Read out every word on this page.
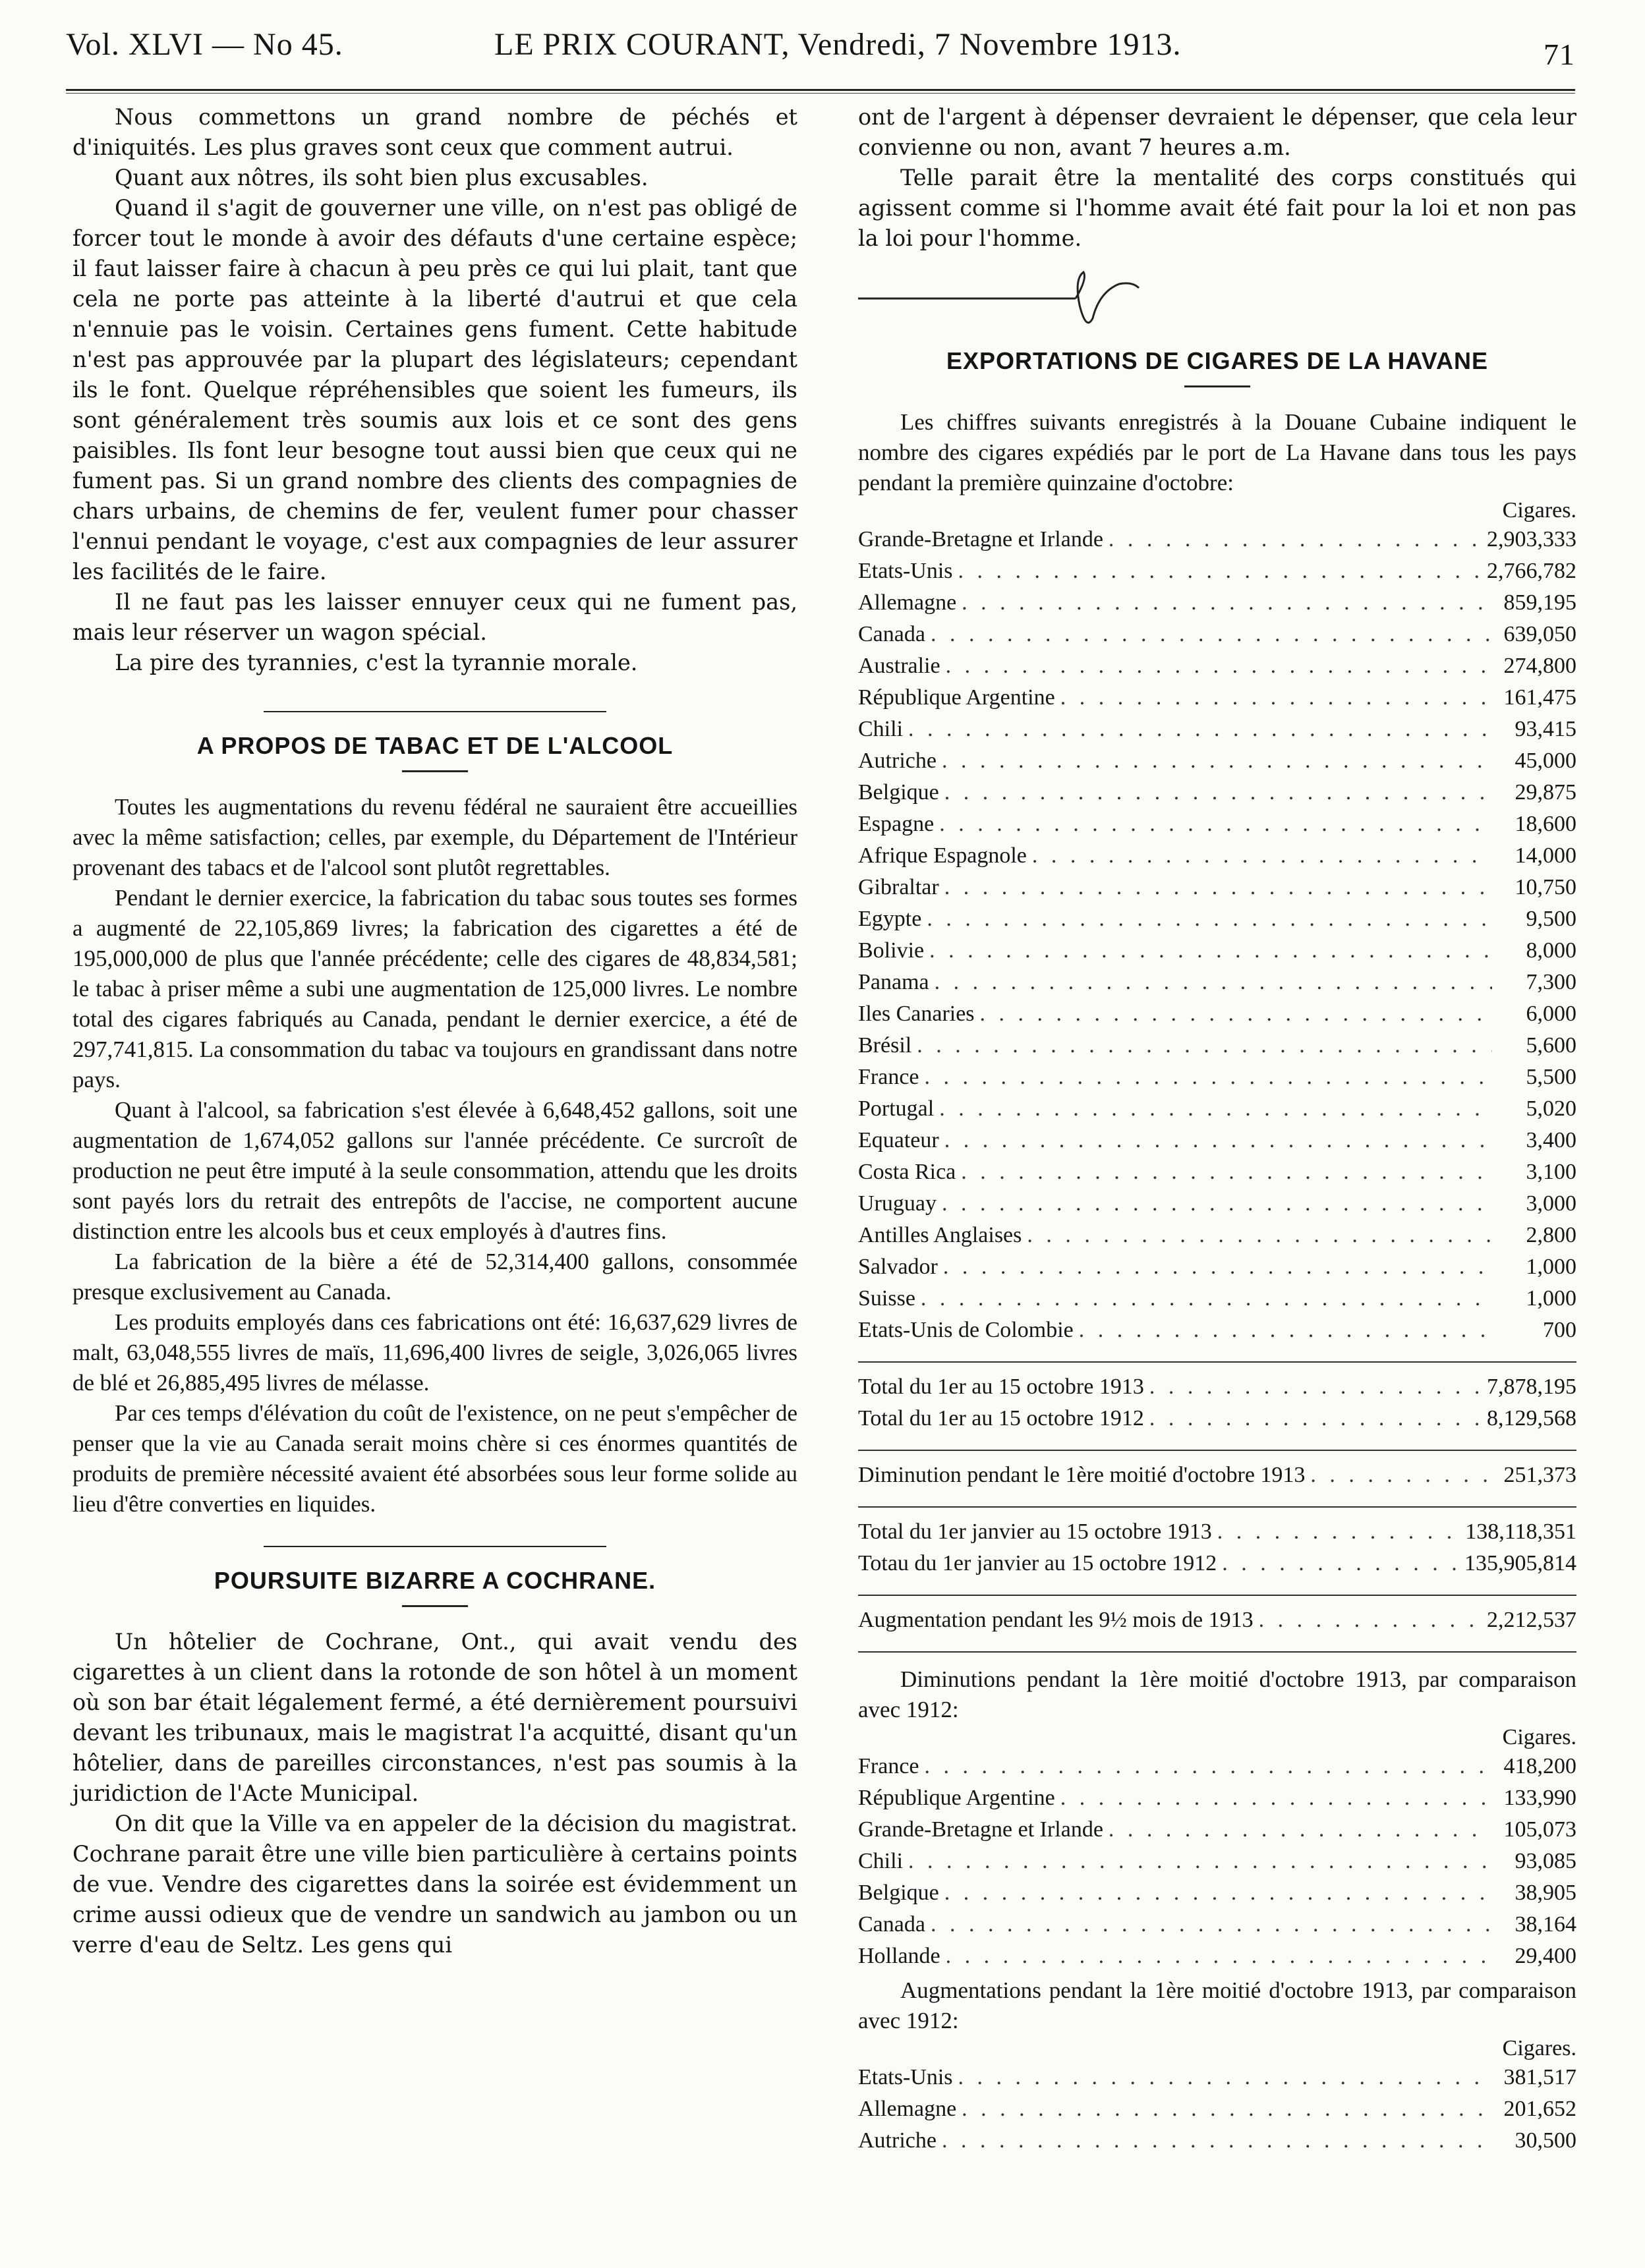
Vol. XLVI — No 45.	LE PRIX COURANT, Vendredi, 7 Novembre 1913.	71

Nous commettons un grand nombre de péchés et d'iniquités. Les plus graves sont ceux que comment autrui.

Quant aux nôtres, ils soht bien plus excusables.

Quand il s'agit de gouverner une ville, on n'est pas obligé de forcer tout le monde à avoir des défauts d'une certaine espèce; il faut laisser faire à chacun à peu près ce qui lui plait, tant que cela ne porte pas atteinte à la liberté d'autrui et que cela n'ennuie pas le voisin. Certaines gens fument. Cette habitude n'est pas approuvée par la plupart des législateurs; cependant ils le font. Quelque répréhensibles que soient les fumeurs, ils sont généralement très soumis aux lois et ce sont des gens paisibles. Ils font leur besogne tout aussi bien que ceux qui ne fument pas. Si un grand nombre des clients des compagnies de chars urbains, de chemins de fer, veulent fumer pour chasser l'ennui pendant le voyage, c'est aux compagnies de leur assurer les facilités de le faire.

Il ne faut pas les laisser ennuyer ceux qui ne fument pas, mais leur réserver un wagon spécial.

La pire des tyrannies, c'est la tyrannie morale.

A PROPOS DE TABAC ET DE L'ALCOOL

Toutes les augmentations du revenu fédéral ne sauraient être accueillies avec la même satisfaction; celles, par exemple, du Département de l'Intérieur provenant des tabacs et de l'alcool sont plutôt regrettables.

Pendant le dernier exercice, la fabrication du tabac sous toutes ses formes a augmenté de 22,105,869 livres; la fabrication des cigarettes a été de 195,000,000 de plus que l'année précédente; celle des cigares de 48,834,581; le tabac à priser même a subi une augmentation de 125,000 livres. Le nombre total des cigares fabriqués au Canada, pendant le dernier exercice, a été de 297,741,815. La consommation du tabac va toujours en grandissant dans notre pays.

Quant à l'alcool, sa fabrication s'est élevée à 6,648,452 gallons, soit une augmentation de 1,674,052 gallons sur l'année précédente. Ce surcroît de production ne peut être imputé à la seule consommation, attendu que les droits sont payés lors du retrait des entrepôts de l'accise, ne comportent aucune distinction entre les alcools bus et ceux employés à d'autres fins.

La fabrication de la bière a été de 52,314,400 gallons, consommée presque exclusivement au Canada.

Les produits employés dans ces fabrications ont été: 16,637,629 livres de malt, 63,048,555 livres de maïs, 11,696,400 livres de seigle, 3,026,065 livres de blé et 26,885,495 livres de mélasse.

Par ces temps d'élévation du coût de l'existence, on ne peut s'empêcher de penser que la vie au Canada serait moins chère si ces énormes quantités de produits de première nécessité avaient été absorbées sous leur forme solide au lieu d'être converties en liquides.

POURSUITE BIZARRE A COCHRANE.

Un hôtelier de Cochrane, Ont., qui avait vendu des cigarettes à un client dans la rotonde de son hôtel à un moment où son bar était légalement fermé, a été dernièrement poursuivi devant les tribunaux, mais le magistrat l'a acquitté, disant qu'un hôtelier, dans de pareilles circonstances, n'est pas soumis à la juridiction de l'Acte Municipal.

On dit que la Ville va en appeler de la décision du magistrat. Cochrane parait être une ville bien particulière à certains points de vue. Vendre des cigarettes dans la soirée est évidemment un crime aussi odieux que de vendre un sandwich au jambon ou un verre d'eau de Seltz. Les gens qui

ont de l'argent à dépenser devraient le dépenser, que cela leur convienne ou non, avant 7 heures a.m.

Telle parait être la mentalité des corps constitués qui agissent comme si l'homme avait été fait pour la loi et non pas la loi pour l'homme.

EXPORTATIONS DE CIGARES DE LA HAVANE

Les chiffres suivants enregistrés à la Douane Cubaine indiquent le nombre des cigares expédiés par le port de La Havane dans tous les pays pendant la première quinzaine d'octobre:

Cigares.
Grande-Bretagne et Irlande . . .	2,903,333
Etats-Unis . . .	2,766,782
Allemagne . . .	859,195
Canada . . .	639,050
Australie . . .	274,800
République Argentine . . .	161,475
Chili . . .	93,415
Autriche . . .	45,000
Belgique . . .	29,875
Espagne . . .	18,600
Afrique Espagnole . . .	14,000
Gibraltar . . .	10,750
Egypte . . .	9,500
Bolivie . . .	8,000
Panama . . .	7,300
Iles Canaries . . .	6,000
Brésil . . .	5,600
France . . .	5,500
Portugal . . .	5,020
Equateur . . .	3,400
Costa Rica . . .	3,100
Uruguay . . .	3,000
Antilles Anglaises . . .	2,800
Salvador . . .	1,000
Suisse . . .	1,000
Etats-Unis de Colombie . . .	700
Total du 1er au 15 octobre 1913 . . .	7,878,195
Total du 1er au 15 octobre 1912 . . .	8,129,568
Diminution pendant le 1ère moitié d'octobre 1913 . . .	251,373
Total du 1er janvier au 15 octobre 1913 . . .	138,118,351
Totau du 1er janvier au 15 octobre 1912 . . .	135,905,814
Augmentation pendant les 9½ mois de 1913 . . .	2,212,537

Diminutions pendant la 1ère moitié d'octobre 1913, par comparaison avec 1912:

Cigares.
France . . .	418,200
République Argentine . . .	133,990
Grande-Bretagne et Irlande . . .	105,073
Chili . . .	93,085
Belgique . . .	38,905
Canada . . .	38,164
Hollande . . .	29,400

Augmentations pendant la 1ère moitié d'octobre 1913, par comparaison avec 1912:

Cigares.
Etats-Unis . . .	381,517
Allemagne . . .	201,652
Autriche . . .	30,500
